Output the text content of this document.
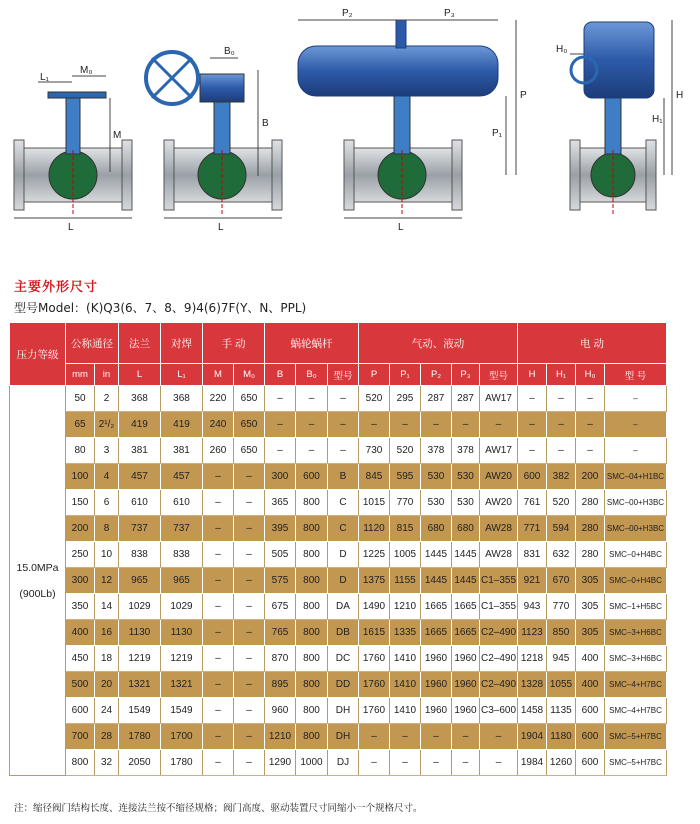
L
L₁
M₀
M
L
B₀
B
L
P₂	P₃
P
P₁
H₀
H
H₁
主要外形尺寸
型号Model：(K)Q3(6、7、8、9)4(6)7F(Y、N、PPL)
压力等级	公称通径		法兰	对焊	手 动		蜗轮蜗杆			气动、液动					电 动			
	mm	in	L	L₁	M	M₀	B	B₀	型号	P	P₁	P₂	P₃	型号	H	H₁	H₀	型 号

15.0MPa
(900Lb)	50	2	368	368	220	650	–	–	–	520	295	287	287	AW17	–	–	–	–
	65	2¹/₂	419	419	240	650	–	–	–	–	–	–	–	–	–	–	–	–
	80	3	381	381	260	650	–	–	–	730	520	378	378	AW17	–	–	–	–
	100	4	457	457	–	–	300	600	B	845	595	530	530	AW20	600	382	200	SMC–04+H1BC
	150	6	610	610	–	–	365	800	C	1015	770	530	530	AW20	761	520	280	SMC–00+H3BC
	200	8	737	737	–	–	395	800	C	1120	815	680	680	AW28	771	594	280	SMC–00+H3BC
	250	10	838	838	–	–	505	800	D	1225	1005	1445	1445	AW28	831	632	280	SMC–0+H4BC
	300	12	965	965	–	–	575	800	D	1375	1155	1445	1445	C1–355	921	670	305	SMC–0+H4BC
	350	14	1029	1029	–	–	675	800	DA	1490	1210	1665	1665	C1–355	943	770	305	SMC–1+H5BC
	400	16	1130	1130	–	–	765	800	DB	1615	1335	1665	1665	C2–490	1123	850	305	SMC–3+H6BC
	450	18	1219	1219	–	–	870	800	DC	1760	1410	1960	1960	C2–490	1218	945	400	SMC–3+H6BC
	500	20	1321	1321	–	–	895	800	DD	1760	1410	1960	1960	C2–490	1328	1055	400	SMC–4+H7BC
	600	24	1549	1549	–	–	960	800	DH	1760	1410	1960	1960	C3–600	1458	1135	600	SMC–4+H7BC
	700	28	1780	1700	–	–	1210	800	DH	–	–	–	–	–	1904	1180	600	SMC–5+H7BC
	800	32	2050	1780	–	–	1290	1000	DJ	–	–	–	–	–	1984	1260	600	SMC–5+H7BC
注：缩径阀门结构长度、连接法兰按不缩径规格；阀门高度、驱动装置尺寸同缩小一个规格尺寸。
